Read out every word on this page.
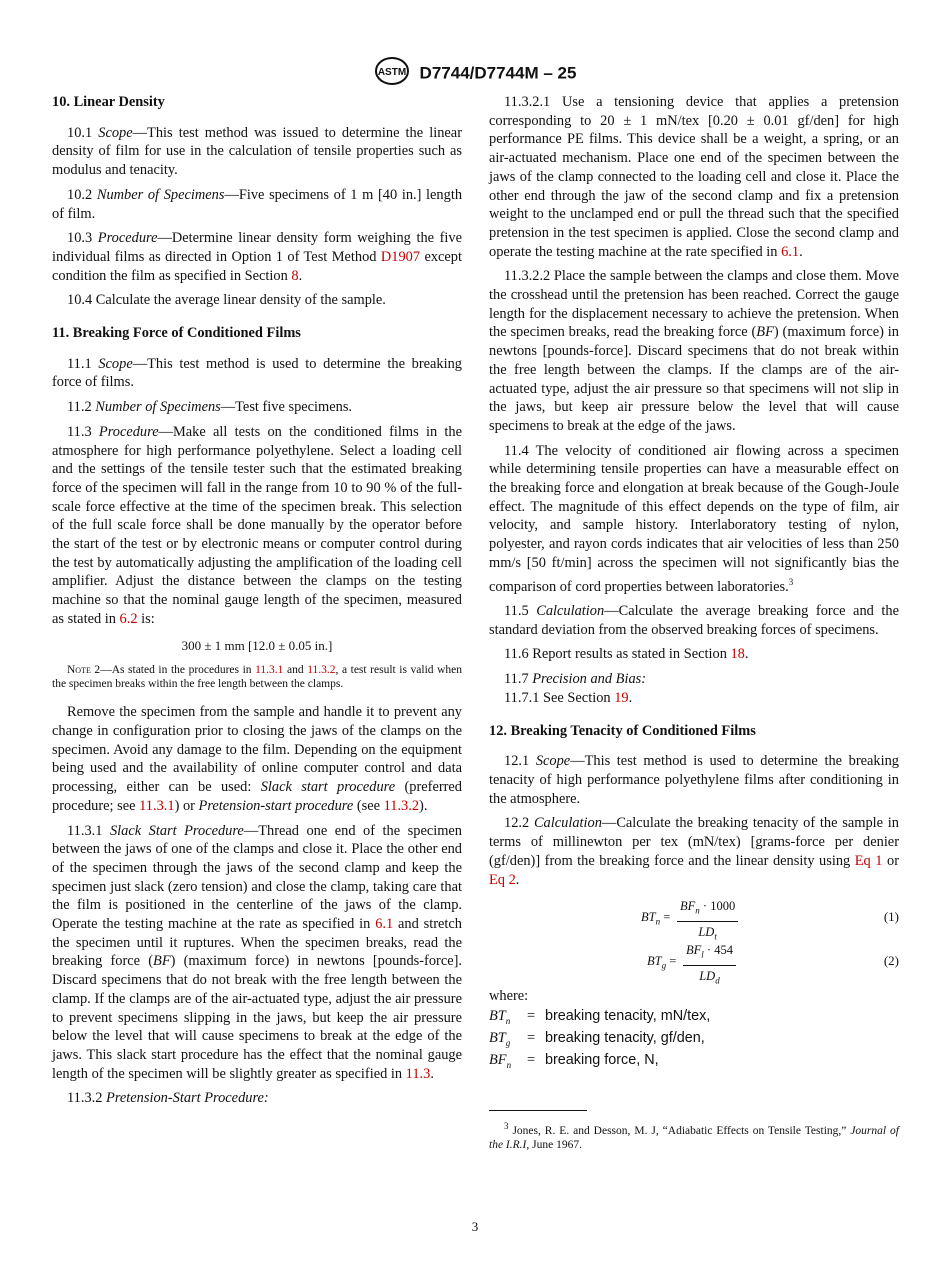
ASTM D7744/D7744M – 25

10. Linear Density

10.1 Scope—This test method was issued to determine the linear density of film for use in the calculation of tensile properties such as modulus and tenacity.

10.2 Number of Specimens—Five specimens of 1 m [40 in.] length of film.

10.3 Procedure—Determine linear density form weighing the five individual films as directed in Option 1 of Test Method D1907 except condition the film as specified in Section 8.

10.4 Calculate the average linear density of the sample.

11. Breaking Force of Conditioned Films

11.1 Scope—This test method is used to determine the breaking force of films.

11.2 Number of Specimens—Test five specimens.

11.3 Procedure—Make all tests on the conditioned films in the atmosphere for high performance polyethylene. Select a loading cell and the settings of the tensile tester such that the estimated breaking force of the specimen will fall in the range from 10 to 90 % of the full-scale force effective at the time of the specimen break. This selection of the full scale force shall be done manually by the operator before the start of the test or by electronic means or computer control during the test by automatically adjusting the amplification of the loading cell amplifier. Adjust the distance between the clamps on the testing machine so that the nominal gauge length of the specimen, measured as stated in 6.2 is:

300 ± 1 mm [12.0 ± 0.05 in.]

Note 2—As stated in the procedures in 11.3.1 and 11.3.2, a test result is valid when the specimen breaks within the free length between the clamps.

Remove the specimen from the sample and handle it to prevent any change in configuration prior to closing the jaws of the clamps on the specimen. Avoid any damage to the film. Depending on the equipment being used and the availability of online computer control and data processing, either can be used: Slack start procedure (preferred procedure; see 11.3.1) or Pretension-start procedure (see 11.3.2).

11.3.1 Slack Start Procedure—Thread one end of the specimen between the jaws of one of the clamps and close it. Place the other end of the specimen through the jaws of the second clamp and keep the specimen just slack (zero tension) and close the clamp, taking care that the film is positioned in the centerline of the jaws of the clamp. Operate the testing machine at the rate as specified in 6.1 and stretch the specimen until it ruptures. When the specimen breaks, read the breaking force (BF) (maximum force) in newtons [pounds-force]. Discard specimens that do not break with the free length between the clamp. If the clamps are of the air-actuated type, adjust the air pressure to prevent specimens slipping in the jaws, but keep the air pressure below the level that will cause specimens to break at the edge of the jaws. This slack start procedure has the effect that the nominal gauge length of the specimen will be slightly greater as specified in 11.3.

11.3.2 Pretension-Start Procedure:

11.3.2.1 Use a tensioning device that applies a pretension corresponding to 20 ± 1 mN/tex [0.20 ± 0.01 gf/den] for high performance PE films. This device shall be a weight, a spring, or an air-actuated mechanism. Place one end of the specimen between the jaws of the clamp connected to the loading cell and close it. Place the other end through the jaw of the second clamp and fix a pretension weight to the unclamped end or pull the thread such that the specified pretension in the test specimen is applied. Close the second clamp and operate the testing machine at the rate specified in 6.1.

11.3.2.2 Place the sample between the clamps and close them. Move the crosshead until the pretension has been reached. Correct the gauge length for the displacement necessary to achieve the pretension. When the specimen breaks, read the breaking force (BF) (maximum force) in newtons [pounds-force]. Discard specimens that do not break within the free length between the clamps. If the clamps are of the air-actuated type, adjust the air pressure so that specimens will not slip in the jaws, but keep air pressure below the level that will cause specimens to break at the edge of the jaws.

11.4 The velocity of conditioned air flowing across a specimen while determining tensile properties can have a measurable effect on the breaking force and elongation at break because of the Gough-Joule effect. The magnitude of this effect depends on the type of film, air velocity, and sample history. Interlaboratory testing of nylon, polyester, and rayon cords indicates that air velocities of less than 250 mm/s [50 ft/min] across the specimen will not significantly bias the comparison of cord properties between laboratories.$^3$

11.5 Calculation—Calculate the average breaking force and the standard deviation from the observed breaking forces of specimens.

11.6 Report results as stated in Section 18.

11.7 Precision and Bias:

11.7.1 See Section 19.

12. Breaking Tenacity of Conditioned Films

12.1 Scope—This test method is used to determine the breaking tenacity of high performance polyethylene films after conditioning in the atmosphere.

12.2 Calculation—Calculate the breaking tenacity of the sample in terms of millinewton per tex (mN/tex) [grams-force per denier (gf/den)] from the breaking force and the linear density using Eq 1 or Eq 2.

$BT_n$ =
$BF_n \cdot 1000$
$LD_t$
(1)
$BT_g$ =
$BF_l \cdot 454$
$LD_d$
(2)
where:
$BT_n$	= breaking tenacity, mN/tex,
$BT_g$	= breaking tenacity, gf/den,
$BF_n$	= breaking force, N,

$^3$ Jones, R. E. and Desson, M. J, “Adiabatic Effects on Tensile Testing,” Journal of the I.R.I, June 1967.

3
